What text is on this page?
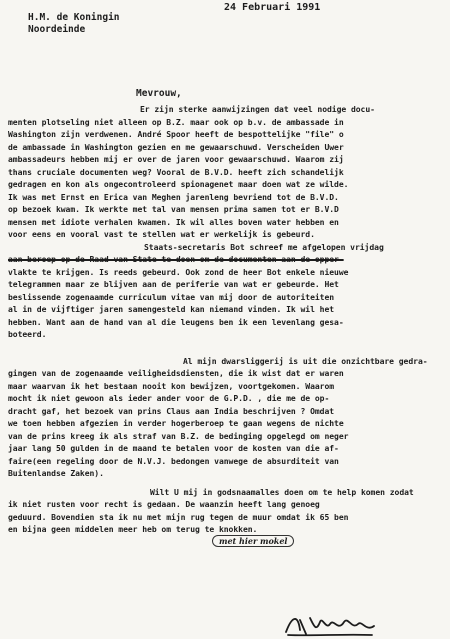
24 Februari 1991
H.M. de Koningin
Noordeinde
Mevrouw,
Er zijn sterke aanwijzingen dat veel nodige docu-
menten plotseling niet alleen op B.Z. maar ook op b.v. de ambassade in
Washington zijn verdwenen. André Spoor heeft de bespottelijke "file" o
de ambassade in Washington gezien en me gewaarschuwd. Verscheiden Uwer
ambassadeurs hebben mij er over de jaren voor gewaarschuwd. Waarom zij
thans cruciale documenten weg? Vooral de B.V.D. heeft zich schandelijk
gedragen en kon als ongecontroleerd spionagenet maar doen wat ze wilde.
Ik was met Ernst en Erica van Meghen jarenleng bevriend tot de B.V.D.
op bezoek kwam. Ik werkte met tal van mensen prima samen tot er B.V.D
mensen met idiote verhalen kwamen. Ik wil alles boven water hebben en
voor eens en vooral vast te stellen wat er werkelijk is gebeurd.
Staats-secretaris Bot schreef me afgelopen vrijdag
aan beroep op de Raad van State te doen om de documenten aan de opper-
vlakte te krijgen. Is reeds gebeurd. Ook zond de heer Bot enkele nieuwe
telegrammen maar ze blijven aan de periferie van wat er gebeurde. Het
beslissende zogenaamde curriculum vitae van mij door de autoriteiten
al in de vijftiger jaren samengesteld kan niemand vinden. Ik wil het
hebben. Want aan de hand van al die leugens ben ik een levenlang gesa-
boteerd.
Al mijn dwarsliggerij is uit die onzichtbare gedra-
gingen van de zogenaamde veiligheidsdiensten, die ik wist dat er waren
maar waarvan ik het bestaan nooit kon bewijzen, voortgekomen. Waarom
mocht ik niet gewoon als ieder ander voor de G.P.D. , die me de op-
dracht gaf, het bezoek van prins Claus aan India beschrijven ? Omdat
we toen hebben afgezien in verder hogerberoep te gaan wegens de nichte
van de prins kreeg ik als straf van B.Z. de bedinging opgelegd om neger
jaar lang 50 gulden in de maand te betalen voor de kosten van die af-
faire(een regeling door de N.V.J. bedongen vanwege de absurditeit van
Buitenlandse Zaken).
Wilt U mij in godsnaamalles doen om te help komen zodat
ik niet rusten voor recht is gedaan. De waanzin heeft lang genoeg
geduurd. Bovendien sta ik nu met mijn rug tegen de muur omdat ik 65 ben
en bijna geen middelen meer heb om terug te knokken.
met hier mokel
